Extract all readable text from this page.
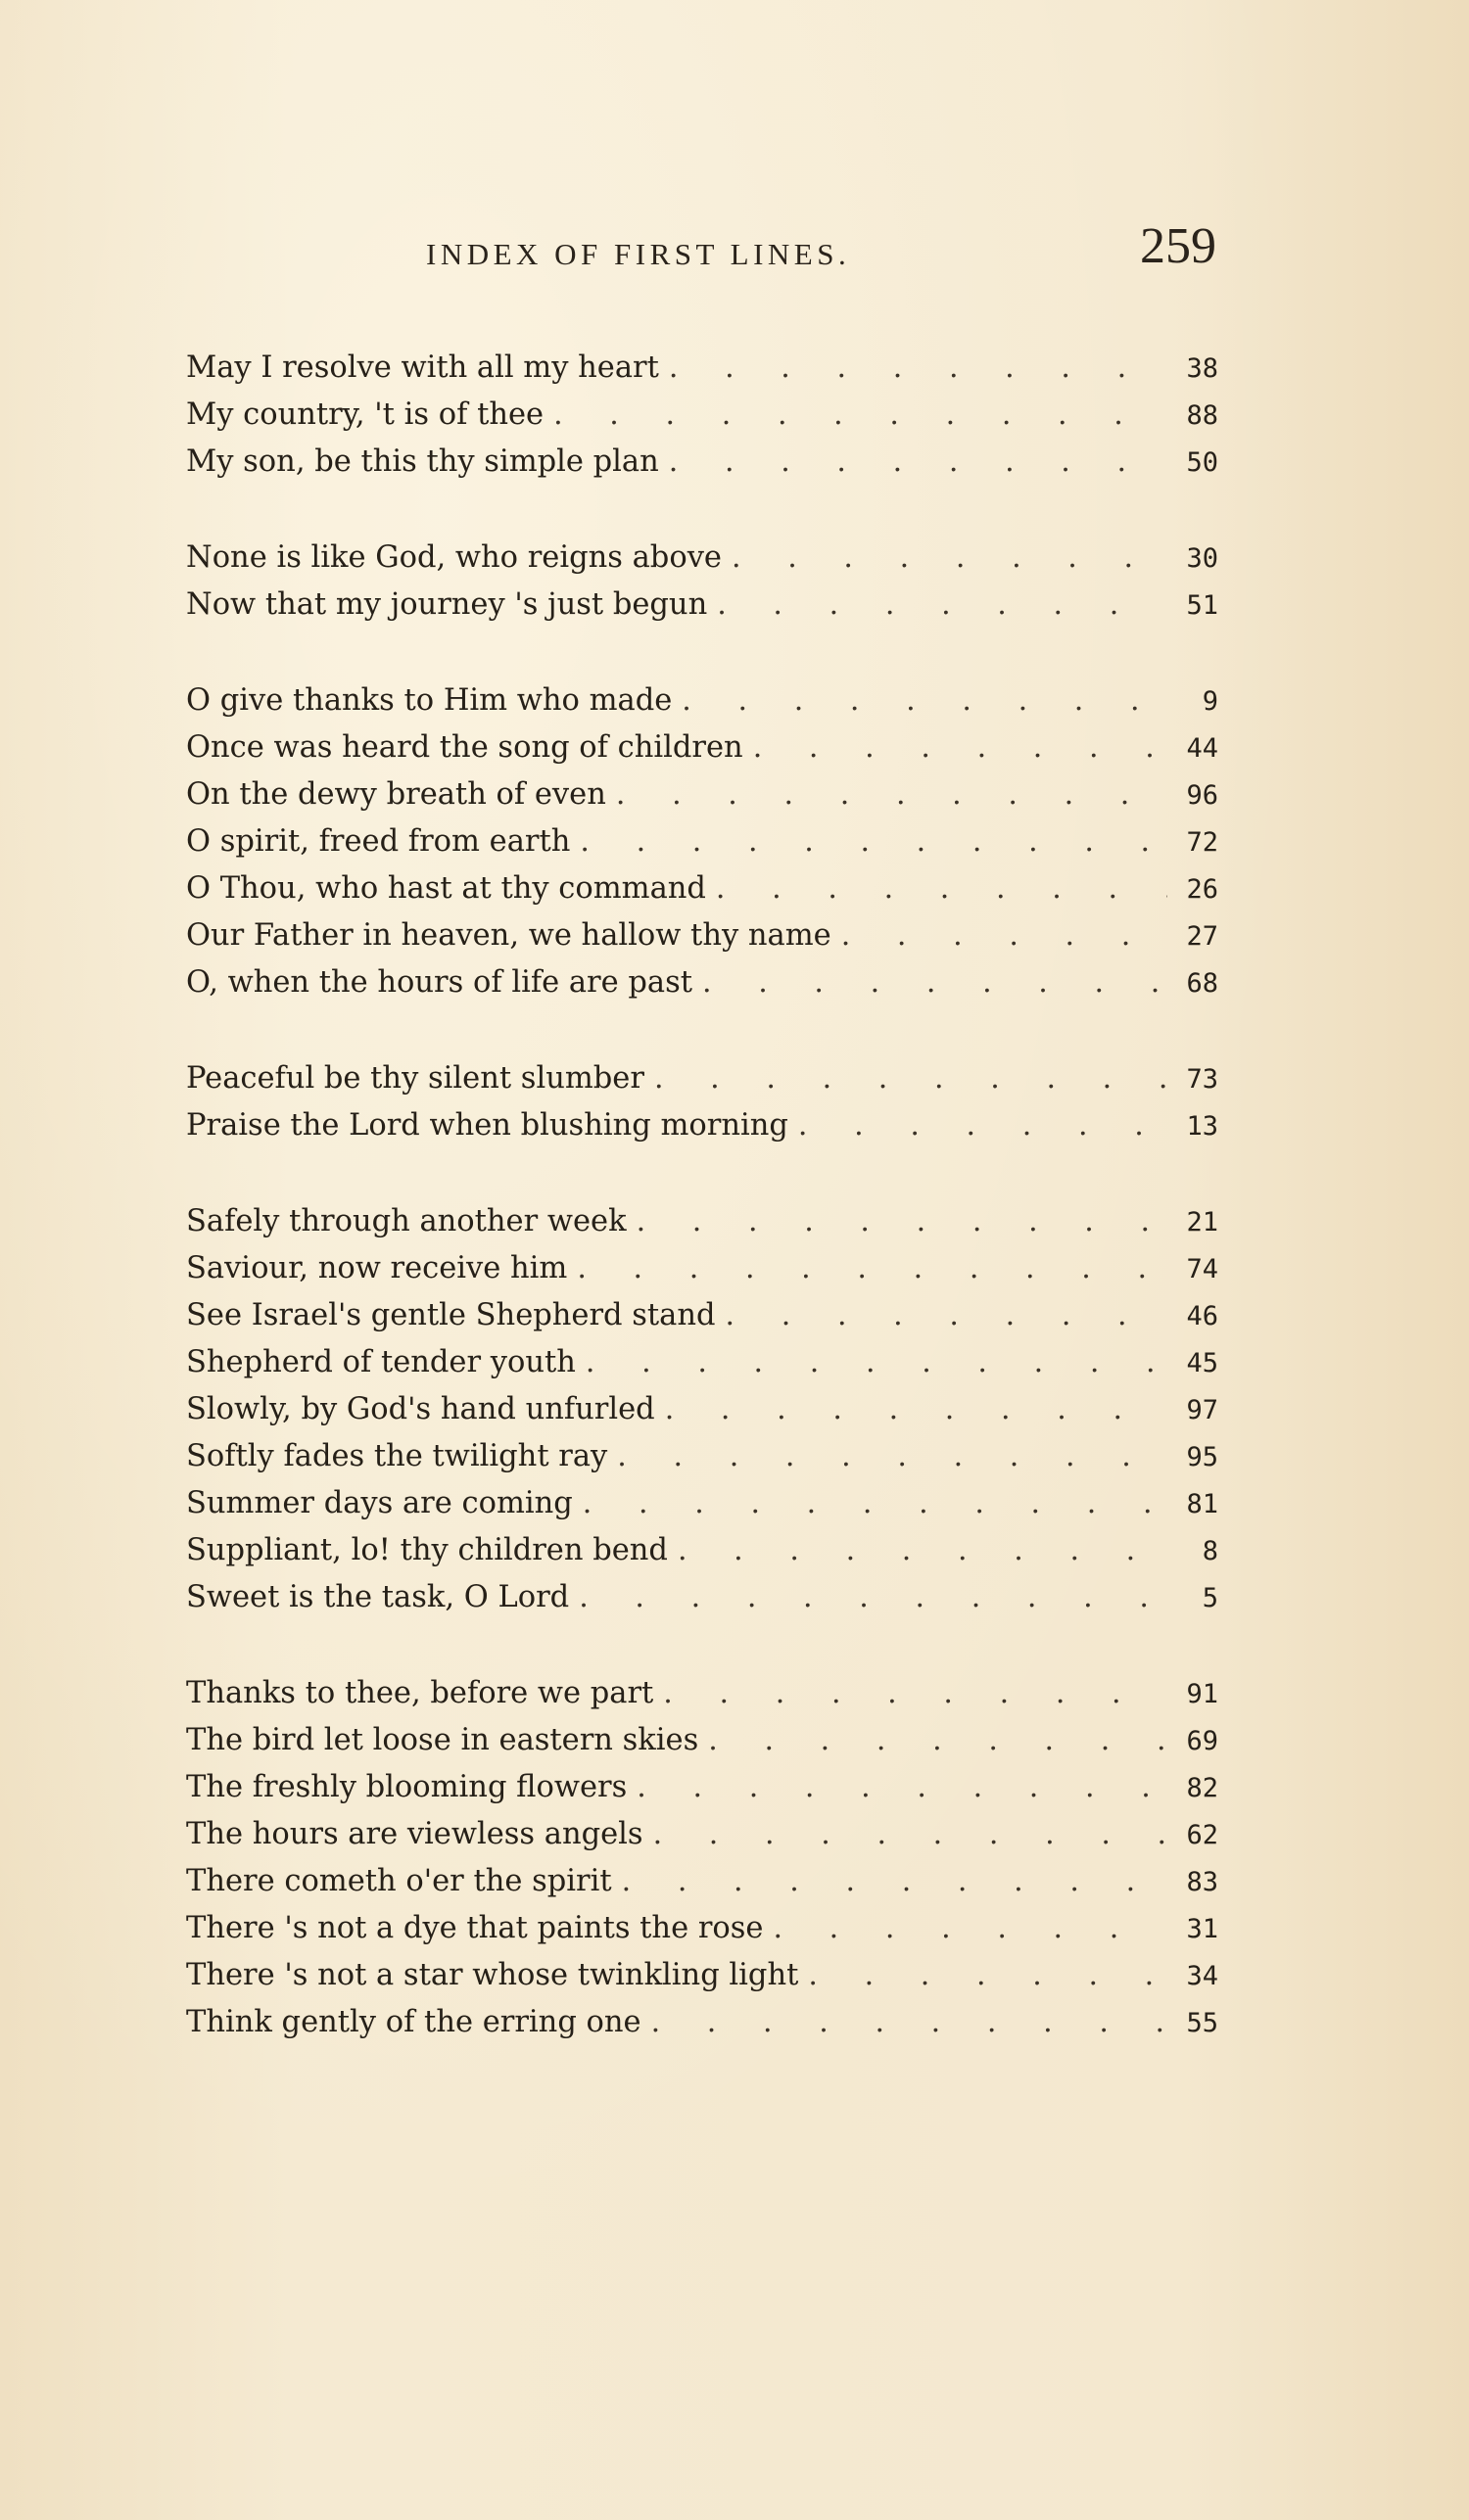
INDEX OF FIRST LINES.	259
May I resolve with all my heart .	38
My country, 't is of thee .	88
My son, be this thy simple plan .	50
None is like God, who reigns above .	30
Now that my journey 's just begun .	51
O give thanks to Him who made .	9
Once was heard the song of children .	44
On the dewy breath of even .	96
O spirit, freed from earth .	72
O Thou, who hast at thy command .	26
Our Father in heaven, we hallow thy name .	27
O, when the hours of life are past .	68
Peaceful be thy silent slumber .	73
Praise the Lord when blushing morning .	13
Safely through another week .	21
Saviour, now receive him .	74
See Israel's gentle Shepherd stand .	46
Shepherd of tender youth .	45
Slowly, by God's hand unfurled .	97
Softly fades the twilight ray .	95
Summer days are coming .	81
Suppliant, lo! thy children bend .	8
Sweet is the task, O Lord .	5
Thanks to thee, before we part .	91
The bird let loose in eastern skies .	69
The freshly blooming flowers .	82
The hours are viewless angels .	62
There cometh o'er the spirit .	83
There 's not a dye that paints the rose .	31
There 's not a star whose twinkling light .	34
Think gently of the erring one .	55
